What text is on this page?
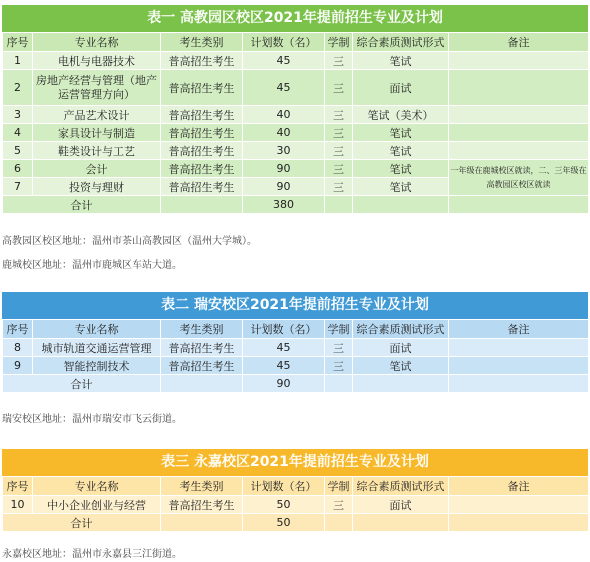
表一 高教园区校区2021年提前招生专业及计划
序号	专业名称	考生类别	计划数（名）	学制	综合素质测试形式	备注
1	电机与电器技术	普高招生考生	45	三	笔试	
2	房地产经营与管理（地产运营管理方向）	普高招生考生	45	三	面试	
3	产品艺术设计	普高招生考生	40	三	笔试（美术）	
4	家具设计与制造	普高招生考生	40	三	笔试	
5	鞋类设计与工艺	普高招生考生	30	三	笔试	
6	会计	普高招生考生	90	三	笔试	一年级在鹿城校区就读，二、三年级在高教园区校区就读
7	投资与理财	普高招生考生	90	三	笔试	
合计			380			
高教园区校区地址：温州市茶山高教园区（温州大学城）。
鹿城校区地址：温州市鹿城区车站大道。
表二 瑞安校区2021年提前招生专业及计划
序号	专业名称	考生类别	计划数（名）	学制	综合素质测试形式	备注
8	城市轨道交通运营管理	普高招生考生	45	三	面试	
9	智能控制技术	普高招生考生	45	三	笔试	
合计			90			
瑞安校区地址：温州市瑞安市飞云街道。
表三 永嘉校区2021年提前招生专业及计划
序号	专业名称	考生类别	计划数（名）	学制	综合素质测试形式	备注
10	中小企业创业与经营	普高招生考生	50	三	面试	
合计			50			
永嘉校区地址：温州市永嘉县三江街道。
